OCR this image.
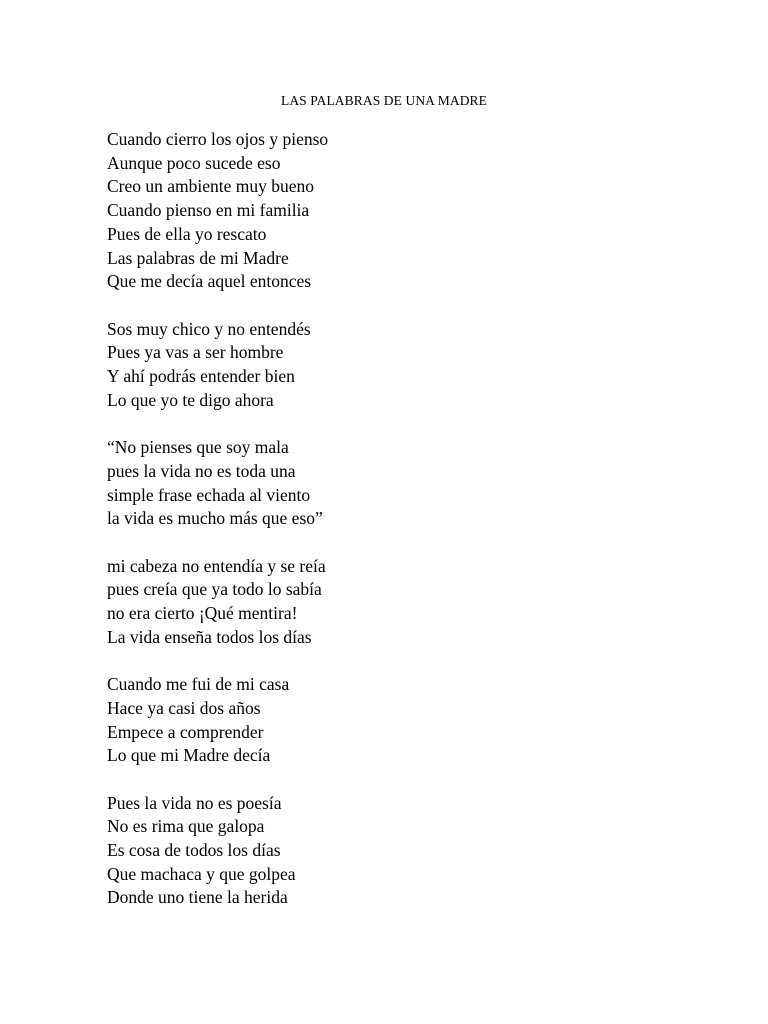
LAS PALABRAS DE UNA MADRE
Cuando cierro los ojos y pienso
Aunque poco sucede eso
Creo un ambiente muy bueno
Cuando pienso en mi familia
Pues de ella yo rescato
Las palabras de mi Madre
Que me decía aquel entonces
Sos muy chico y no entendés
Pues ya vas a ser hombre
Y ahí podrás entender bien
Lo que yo te digo ahora
“No pienses que soy mala
pues la vida no es toda una
simple frase echada al viento
la vida es mucho más que eso”
mi cabeza no entendía y se reía
pues creía que ya todo lo sabía
no era cierto ¡Qué mentira!
La vida enseña todos los días
Cuando me fui de mi casa
Hace ya casi dos años
Empece a comprender
Lo que mi Madre decía
Pues la vida no es poesía
No es rima que galopa
Es cosa de todos los días
Que machaca y que golpea
Donde uno tiene la herida
